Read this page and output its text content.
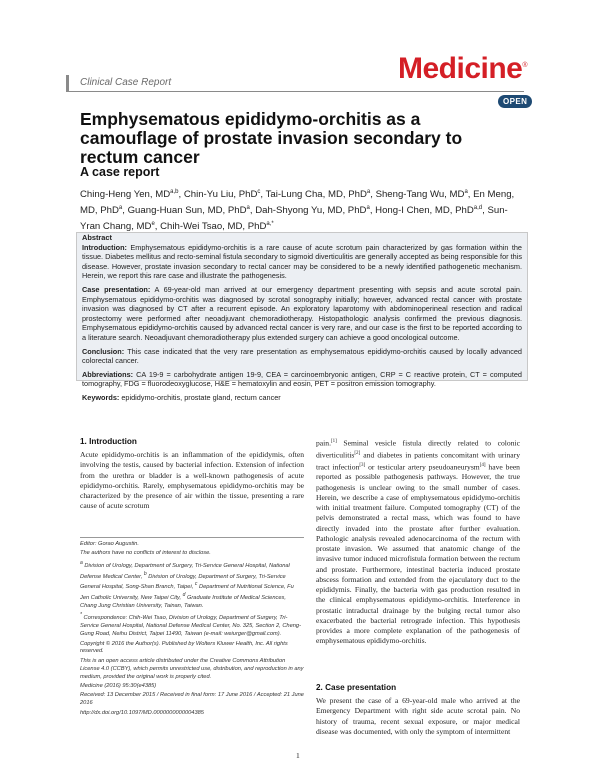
Clinical Case Report	Medicine®
OPEN
Emphysematous epididymo-orchitis as a camouflage of prostate invasion secondary to rectum cancer
A case report
Ching-Heng Yen, MD$^{a,b}$, Chin-Yu Liu, PhD$^c$, Tai-Lung Cha, MD, PhD$^a$, Sheng-Tang Wu, $MD^a$, En Meng, MD, PhD$^a$, Guang-Huan Sun, MD, PhD$^a$, Dah-Shyong Yu, MD, PhD$^a$, Hong-I Chen, MD, PhD$^{a,d}$, Sun-Yran Chang, MDe, Chih-Wei Tsao, MD, PhD$^{a,*}$
Abstract

Introduction: Emphysematous epididymo-orchitis is a rare cause of acute scrotum pain characterized by gas formation within the tissue. Diabetes mellitus and recto-seminal fistula secondary to sigmoid diverticulitis are generally accepted as being responsible for this disease. However, prostate invasion secondary to rectal cancer may be considered to be a newly identified pathogenetic mechanism. Herein, we report this rare case and illustrate the pathogenesis.

Case presentation: A 69-year-old man arrived at our emergency department presenting with sepsis and acute scrotal pain. Emphysematous epididymo-orchitis was diagnosed by scrotal sonography initially; however, advanced rectal cancer with prostate invasion was diagnosed by CT after a recurrent episode. An exploratory laparotomy with abdominoperineal resection and radical prostectomy were performed after neoadjuvant chemoradiotherapy. Histopathologic analysis confirmed the previous diagnosis. Emphysematous epididymo-orchitis caused by advanced rectal cancer is very rare, and our case is the first to be reported according to a literature search. Neoadjuvant chemoradiotherapy plus extended surgery can achieve a good oncological outcome.

Conclusion: This case indicated that the very rare presentation as emphysematous epididymo-orchitis caused by locally advanced colorectal cancer.

Abbreviations: CA 19-9 = carbohydrate antigen 19-9, CEA = carcinoembryonic antigen, CRP = C reactive protein, CT = computed tomography, FDG = fluorodeoxyglucose, H&E = hematoxylin and eosin, PET = positron emission tomography.

Keywords: epididymo-orchitis, prostate gland, rectum cancer

1. Introduction
Acute epididymo-orchitis is an inflammation of the epididymis, often involving the testis, caused by bacterial infection. Extension of infection from the urethra or bladder is a well-known pathogenesis of acute epididymo-orchitis. Rarely, emphysematous epididymo-orchitis may be characterized by the presence of air within the tissue, presenting a rare cause of acute scrotum

Editor: Gorao Augustin.

The authors have no conflicts of interest to disclose.

$^a$ Division of Urology, Department of Surgery, Tri-Service General Hospital, National Defense Medical Center, $^b$ Division of Urology, Department of Surgery, Tri-Service General Hospital, Song-Shan Branch, Taipei, $^c$ Department of Nutritional Science, Fu Jen Catholic University, New Taipei City, $^d$ Graduate Institute of Medical Sciences, Chang Jung Christian University, Tainan, Taiwan.

* Correspondence: Chih-Wei Tsao, Division of Urology, Department of Surgery, Tri-Service General Hospital, National Defense Medical Center, No. 325, Section 2, Cheng-Gung Road, Neihu District, Taipei 11490, Taiwan (e-mail: weiurger@gmail.com).

Copyright © 2016 the Author(s). Published by Wolters Kluwer Health, Inc. All rights reserved.

This is an open access article distributed under the Creative Commons Attribution License 4.0 (CCBY), which permits unrestricted use, distribution, and reproduction in any medium, provided the original work is properly cited.

Medicine (2016) 95:30(e4385)

Received: 13 December 2015 / Received in final form: 17 June 2016 / Accepted: 21 June 2016

http://dx.doi.org/10.1097/MD.0000000000004385

pain.[1] Seminal vesicle fistula directly related to colonic diverticulitis[2] and diabetes in patients concomitant with urinary tract infection[3] or testicular artery pseudoaneurysm[4] have been reported as possible pathogenesis pathways. However, the true pathogenesis is unclear owing to the small number of cases. Herein, we describe a case of emphysematous epididymo-orchitis with initial treatment failure. Computed tomography (CT) of the pelvis demonstrated a rectal mass, which was found to have directly invaded into the prostate after further evaluation. Pathologic analysis revealed adenocarcinoma of the rectum with prostate invasion. We assumed that anatomic change of the invasive tumor induced microfistula formation between the rectum and prostate. Furthermore, intestinal bacteria induced prostate abscess formation and extended from the ejaculatory duct to the epididymis. Finally, the bacteria with gas production resulted in the clinical emphysematous epididymo-orchitis. Interference in prostatic intraductal drainage by the bulging rectal tumor also exacerbated the bacterial retrograde infection. This hypothesis provides a more complete explanation of the pathogenesis of emphysematous epididymo-orchitis.
2. Case presentation
We present the case of a 69-year-old male who arrived at the Emergency Department with right side acute scrotal pain. No history of trauma, recent sexual exposure, or major medical disease was documented, with only the symptom of intermittent
1
